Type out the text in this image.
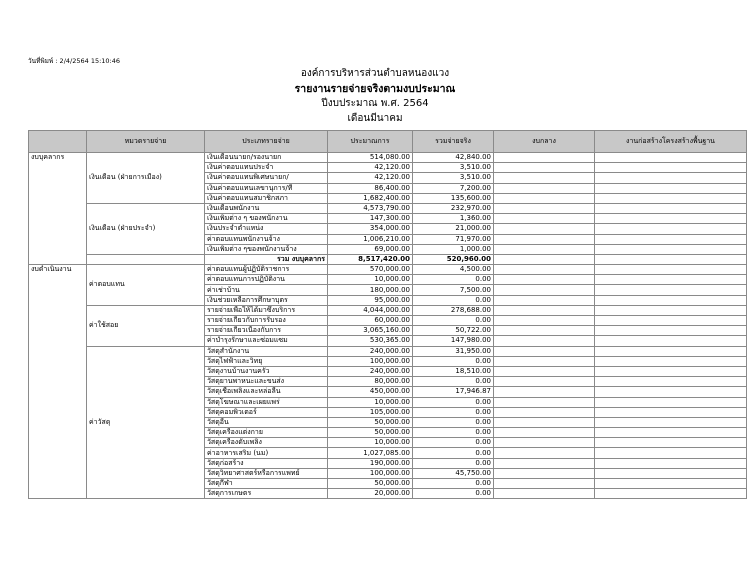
วันที่พิมพ์ : 2/4/2564 15:10:46
องค์การบริหารส่วนตำบลหนองแวง
รายงานรายจ่ายจริงตามงบประมาณ
ปีงบประมาณ พ.ศ. 2564
เดือนมีนาคม
	หมวดรายจ่าย	ประเภทรายจ่าย	ประมาณการ	รวมจ่ายจริง	งบกลาง	งานก่อสร้างโครงสร้างพื้นฐาน
งบบุคลากร	เงินเดือน (ฝ่ายการเมือง)	เงินเดือนนายก/รองนายก	514,080.00	42,840.00		
		เงินค่าตอบแทนประจำ	42,120.00	3,510.00		
		เงินค่าตอบแทนพิเศษนายก/	42,120.00	3,510.00		
		เงินค่าตอบแทนเลขานุการ/ที่	86,400.00	7,200.00		
		เงินค่าตอบแทนสมาชิกสภา	1,682,400.00	135,600.00		
	เงินเดือน (ฝ่ายประจำ)	เงินเดือนพนักงาน	4,573,790.00	232,970.00		
		เงินเพิ่มต่าง ๆ ของพนักงาน	147,300.00	1,360.00		
		เงินประจำตำแหน่ง	354,000.00	21,000.00		
		ค่าตอบแทนพนักงานจ้าง	1,006,210.00	71,970.00		
		เงินเพิ่มต่าง ๆของพนักงานจ้าง	69,000.00	1,000.00		
		รวม งบบุคลากร	8,517,420.00	520,960.00		
งบดำเนินงาน	ค่าตอบแทน	ค่าตอบแทนผู้ปฏิบัติราชการ	570,000.00	4,500.00		
		ค่าตอบแทนการปฏิบัติงาน	10,000.00	0.00		
		ค่าเช่าบ้าน	180,000.00	7,500.00		
		เงินช่วยเหลือการศึกษาบุตร	95,000.00	0.00		
	ค่าใช้สอย	รายจ่ายเพื่อให้ได้มาซึ่งบริการ	4,044,000.00	278,688.00		
		รายจ่ายเกี่ยวกับการรับรอง	60,000.00	0.00		
		รายจ่ายเกี่ยวเนื่องกับการ	3,065,160.00	50,722.00		
		ค่าบำรุงรักษาและซ่อมแซม	530,365.00	147,980.00		
	ค่าวัสดุ	วัสดุสำนักงาน	240,000.00	31,950.00		
		วัสดุไฟฟ้าและวิทยุ	100,000.00	0.00		
		วัสดุงานบ้านงานครัว	240,000.00	18,510.00		
		วัสดุยานพาหนะและขนส่ง	80,000.00	0.00		
		วัสดุเชื้อเพลิงและหล่อลื่น	450,000.00	17,946.87		
		วัสดุโฆษณาและเผยแพร่	10,000.00	0.00		
		วัสดุคอมพิวเตอร์	105,000.00	0.00		
		วัสดุอื่น	50,000.00	0.00		
		วัสดุเครื่องแต่งกาย	50,000.00	0.00		
		วัสดุเครื่องดับเพลิง	10,000.00	0.00		
		ค่าอาหารเสริม (นม)	1,027,085.00	0.00		
		วัสดุก่อสร้าง	190,000.00	0.00		
		วัสดุวิทยาศาสตร์หรือการแพทย์	100,000.00	45,750.00		
		วัสดุกีฬา	50,000.00	0.00		
		วัสดุการเกษตร	20,000.00	0.00		
